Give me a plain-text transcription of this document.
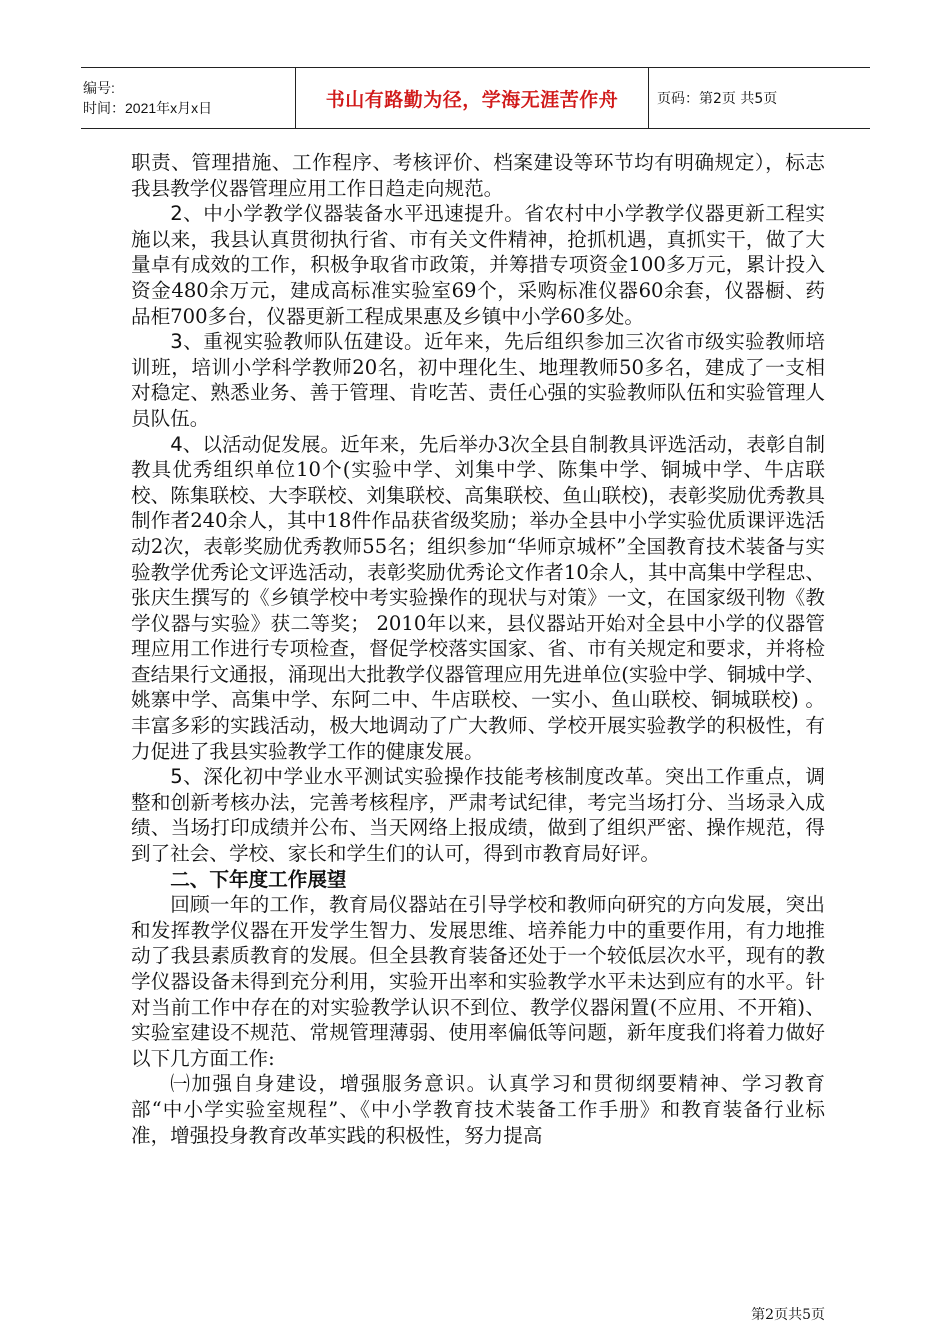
编号:
时间：2021年x月x日	书山有路勤为径，学海无涯苦作舟	页码：第2页 共5页

职责、管理措施、工作程序、考核评价、档案建设等环节均有明确规定），标志我县教学仪器管理应用工作日趋走向规范。

2、中小学教学仪器装备水平迅速提升。省农村中小学教学仪器更新工程实施以来，我县认真贯彻执行省、市有关文件精神，抢抓机遇，真抓实干，做了大量卓有成效的工作，积极争取省市政策，并筹措专项资金100多万元，累计投入资金480余万元，建成高标准实验室69个，采购标准仪器60余套，仪器橱、药品柜700多台，仪器更新工程成果惠及乡镇中小学60多处。

3、重视实验教师队伍建设。近年来，先后组织参加三次省市级实验教师培训班，培训小学科学教师20名，初中理化生、地理教师50多名，建成了一支相对稳定、熟悉业务、善于管理、肯吃苦、责任心强的实验教师队伍和实验管理人员队伍。

4、以活动促发展。近年来，先后举办3次全县自制教具评选活动，表彰自制教具优秀组织单位10个(实验中学、刘集中学、陈集中学、铜城中学、牛店联校、陈集联校、大李联校、刘集联校、高集联校、鱼山联校)，表彰奖励优秀教具制作者240余人，其中18件作品获省级奖励；举办全县中小学实验优质课评选活动2次，表彰奖励优秀教师55名；组织参加“华师京城杯”全国教育技术装备与实验教学优秀论文评选活动，表彰奖励优秀论文作者10余人，其中高集中学程忠、张庆生撰写的《乡镇学校中考实验操作的现状与对策》一文，在国家级刊物《教学仪器与实验》获二等奖； 2010年以来，县仪器站开始对全县中小学的仪器管理应用工作进行专项检查，督促学校落实国家、省、市有关规定和要求，并将检查结果行文通报，涌现出大批教学仪器管理应用先进单位(实验中学、铜城中学、姚寨中学、高集中学、东阿二中、牛店联校、一实小、鱼山联校、铜城联校) 。丰富多彩的实践活动，极大地调动了广大教师、学校开展实验教学的积极性，有力促进了我县实验教学工作的健康发展。

5、深化初中学业水平测试实验操作技能考核制度改革。突出工作重点，调整和创新考核办法，完善考核程序，严肃考试纪律，考完当场打分、当场录入成绩、当场打印成绩并公布、当天网络上报成绩，做到了组织严密、操作规范，得到了社会、学校、家长和学生们的认可，得到市教育局好评。

二、下年度工作展望

回顾一年的工作，教育局仪器站在引导学校和教师向研究的方向发展，突出和发挥教学仪器在开发学生智力、发展思维、培养能力中的重要作用，有力地推动了我县素质教育的发展。但全县教育装备还处于一个较低层次水平，现有的教学仪器设备未得到充分利用，实验开出率和实验教学水平未达到应有的水平。针对当前工作中存在的对实验教学认识不到位、教学仪器闲置(不应用、不开箱)、实验室建设不规范、常规管理薄弱、使用率偏低等问题，新年度我们将着力做好以下几方面工作:

㈠加强自身建设，增强服务意识。认真学习和贯彻纲要精神、学习教育部“中小学实验室规程”、《中小学教育技术装备工作手册》和教育装备行业标准，增强投身教育改革实践的积极性，努力提高

第2页共5页
